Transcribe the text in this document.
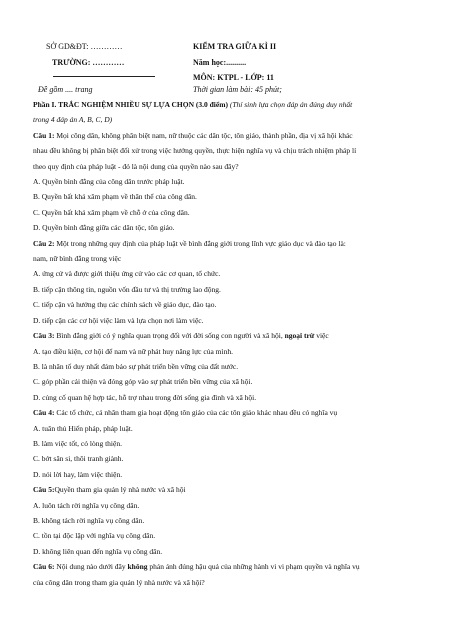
SỞ GD&ĐT: …………
TRƯỜNG: …………
Đề gồm .... trang
KIỂM TRA GIỮA KÌ II
Năm học:..........
MÔN: KTPL - LỚP: 11
Thời gian làm bài: 45 phút;
Phần I. TRẮC NGHIỆM NHIỀU SỰ LỰA CHỌN (3.0 điểm) (Thí sinh lựa chọn đáp án đúng duy nhất
trong 4 đáp án A, B, C, D)
Câu 1: Mọi công dân, không phân biệt nam, nữ thuộc các dân tộc, tôn giáo, thành phần, địa vị xã hội khác
nhau đều không bị phân biệt đối xử trong việc hưởng quyền, thực hiện nghĩa vụ và chịu trách nhiệm pháp lí
theo quy định của pháp luật - đó là nội dung của quyền nào sau đây?
A. Quyền bình đẳng của công dân trước pháp luật.
B. Quyền bất khả xâm phạm về thân thể của công dân.
C. Quyền bất khả xâm phạm về chỗ ở của công dân.
D. Quyền bình đẳng giữa các dân tộc, tôn giáo.
Câu 2: Một trong những quy định của pháp luật về bình đẳng giới trong lĩnh vực giáo dục và đào tạo là:
nam, nữ bình đẳng trong việc
A. ứng cử và được giới thiệu ứng cử vào các cơ quan, tổ chức.
B. tiếp cận thông tin, nguồn vốn đầu tư và thị trường lao động.
C. tiếp cận và hưởng thụ các chính sách về giáo dục, đào tạo.
D. tiếp cận các cơ hội việc làm và lựa chọn nơi làm việc.
Câu 3: Bình đẳng giới có ý nghĩa quan trọng đối với đời sống con người và xã hội, ngoại trừ việc
A. tạo điều kiện, cơ hội để nam và nữ phát huy năng lực của mình.
B. là nhân tố duy nhất đảm bảo sự phát triển bền vững của đất nước.
C. góp phần cải thiện và đóng góp vào sự phát triển bền vững của xã hội.
D. củng cố quan hệ hợp tác, hỗ trợ nhau trong đời sống gia đình và xã hội.
Câu 4: Các tổ chức, cá nhân tham gia hoạt động tôn giáo của các tôn giáo khác nhau đều có nghĩa vụ
A. tuân thủ Hiến pháp, pháp luật.
B. làm việc tốt, có lòng thiện.
C. bớt sân si, thôi tranh giành.
D. nói lời hay, làm việc thiện.
Câu 5:Quyền tham gia quản lý nhà nước và xã hội
A. luôn tách rời nghĩa vụ công dân.
B. không tách rời nghĩa vụ công dân.
C. tồn tại độc lập với nghĩa vụ công dân.
D. không liên quan đến nghĩa vụ công dân.
Câu 6: Nội dung nào dưới đây không phản ánh đúng hậu quả của những hành vi vi phạm quyền và nghĩa vụ
của công dân trong tham gia quản lý nhà nước và xã hội?
